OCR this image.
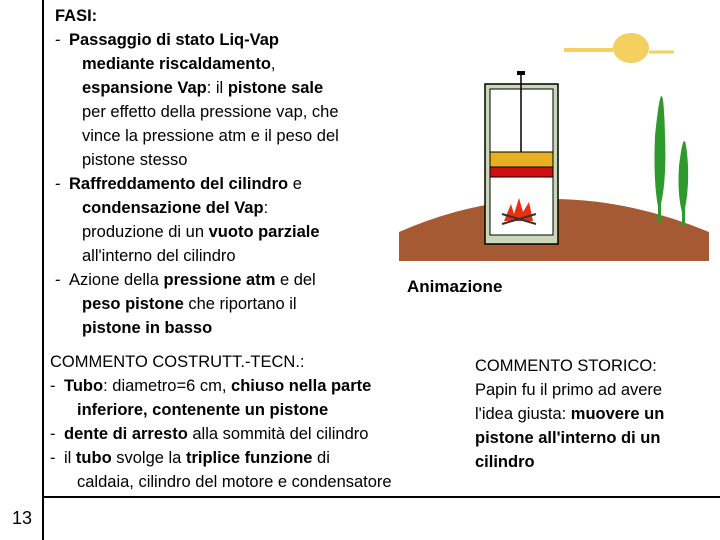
13
FASI:
- Passaggio di stato Liq-Vap
mediante riscaldamento,
espansione Vap: il pistone sale
per effetto della pressione vap, che
vince la pressione atm e il peso del
pistone stesso
- Raffreddamento del cilindro e
condensazione del Vap:
produzione di un vuoto parziale
all'interno del cilindro
- Azione della pressione atm e del
peso pistone che riportano il
pistone in basso
Animazione
COMMENTO COSTRUTT.-TECN.:
- Tubo: diametro=6 cm, chiuso nella parte
inferiore, contenente un pistone
- dente di arresto alla sommità del cilindro
- il tubo svolge la triplice funzione di
caldaia, cilindro del motore e condensatore
COMMENTO STORICO:
Papin fu il primo ad avere
l'idea giusta: muovere un
pistone all'interno di un
cilindro
